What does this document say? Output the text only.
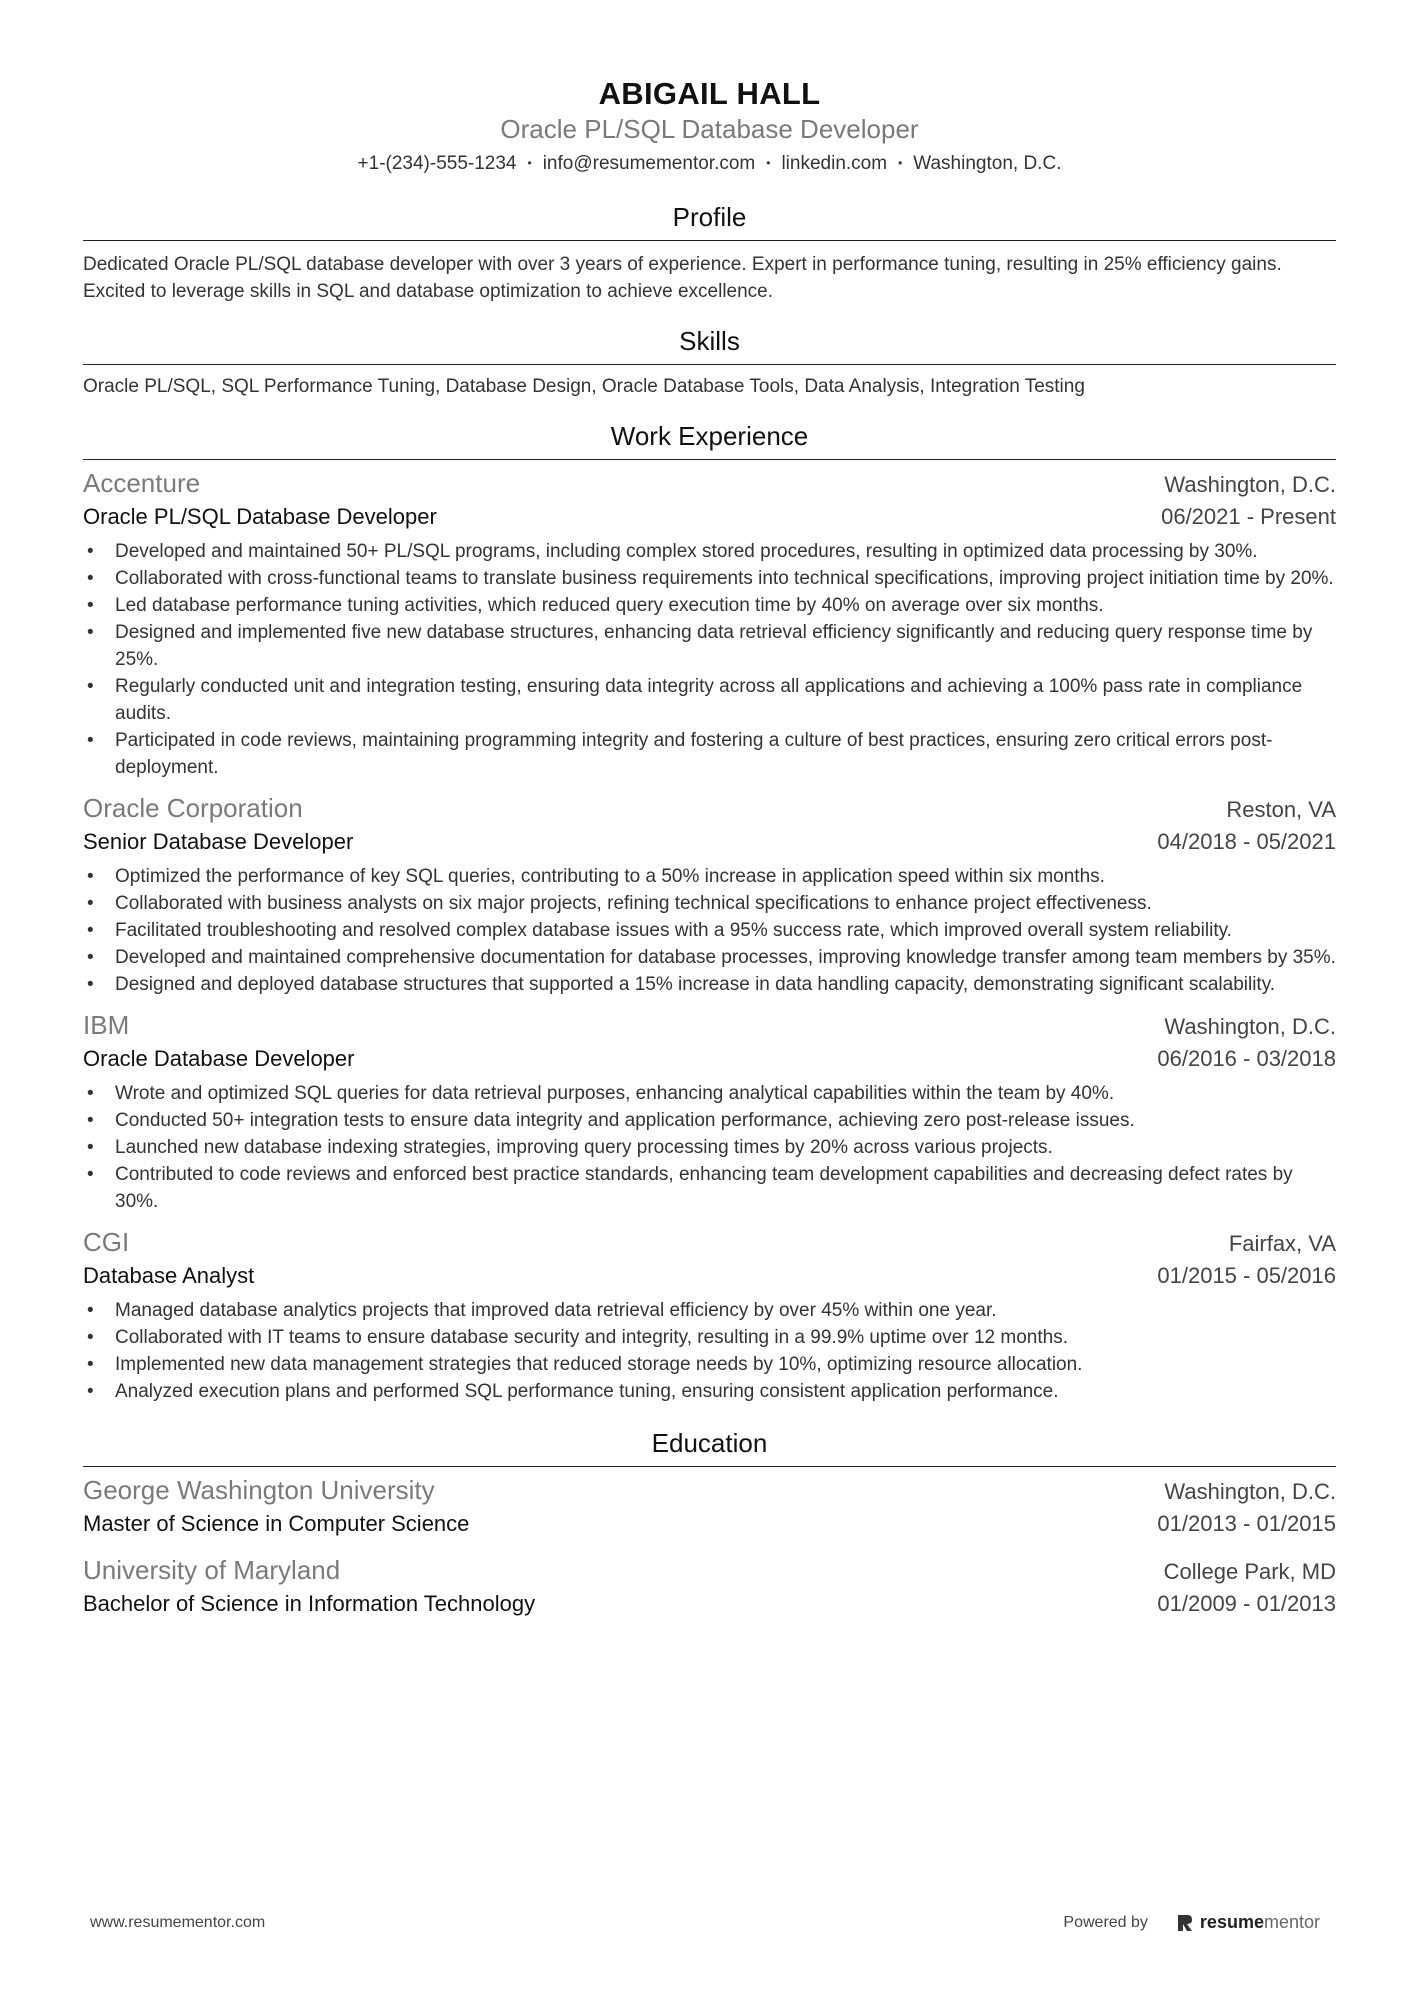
ABIGAIL HALL
Oracle PL/SQL Database Developer
+1-(234)-555-1234 • info@resumementor.com • linkedin.com • Washington, D.C.
Profile
Dedicated Oracle PL/SQL database developer with over 3 years of experience. Expert in performance tuning, resulting in 25% efficiency gains. Excited to leverage skills in SQL and database optimization to achieve excellence.
Skills
Oracle PL/SQL, SQL Performance Tuning, Database Design, Oracle Database Tools, Data Analysis, Integration Testing
Work Experience
Accenture	Washington, D.C.
Oracle PL/SQL Database Developer	06/2021 - Present
• Developed and maintained 50+ PL/SQL programs, including complex stored procedures, resulting in optimized data processing by 30%.
• Collaborated with cross-functional teams to translate business requirements into technical specifications, improving project initiation time by 20%.
• Led database performance tuning activities, which reduced query execution time by 40% on average over six months.
• Designed and implemented five new database structures, enhancing data retrieval efficiency significantly and reducing query response time by 25%.
• Regularly conducted unit and integration testing, ensuring data integrity across all applications and achieving a 100% pass rate in compliance audits.
• Participated in code reviews, maintaining programming integrity and fostering a culture of best practices, ensuring zero critical errors post-deployment.
Oracle Corporation	Reston, VA
Senior Database Developer	04/2018 - 05/2021
• Optimized the performance of key SQL queries, contributing to a 50% increase in application speed within six months.
• Collaborated with business analysts on six major projects, refining technical specifications to enhance project effectiveness.
• Facilitated troubleshooting and resolved complex database issues with a 95% success rate, which improved overall system reliability.
• Developed and maintained comprehensive documentation for database processes, improving knowledge transfer among team members by 35%.
• Designed and deployed database structures that supported a 15% increase in data handling capacity, demonstrating significant scalability.
IBM	Washington, D.C.
Oracle Database Developer	06/2016 - 03/2018
• Wrote and optimized SQL queries for data retrieval purposes, enhancing analytical capabilities within the team by 40%.
• Conducted 50+ integration tests to ensure data integrity and application performance, achieving zero post-release issues.
• Launched new database indexing strategies, improving query processing times by 20% across various projects.
• Contributed to code reviews and enforced best practice standards, enhancing team development capabilities and decreasing defect rates by 30%.
CGI	Fairfax, VA
Database Analyst	01/2015 - 05/2016
• Managed database analytics projects that improved data retrieval efficiency by over 45% within one year.
• Collaborated with IT teams to ensure database security and integrity, resulting in a 99.9% uptime over 12 months.
• Implemented new data management strategies that reduced storage needs by 10%, optimizing resource allocation.
• Analyzed execution plans and performed SQL performance tuning, ensuring consistent application performance.
Education
George Washington University	Washington, D.C.
Master of Science in Computer Science	01/2013 - 01/2015
University of Maryland	College Park, MD
Bachelor of Science in Information Technology	01/2009 - 01/2013
www.resumementor.com	Powered by	resumementor
